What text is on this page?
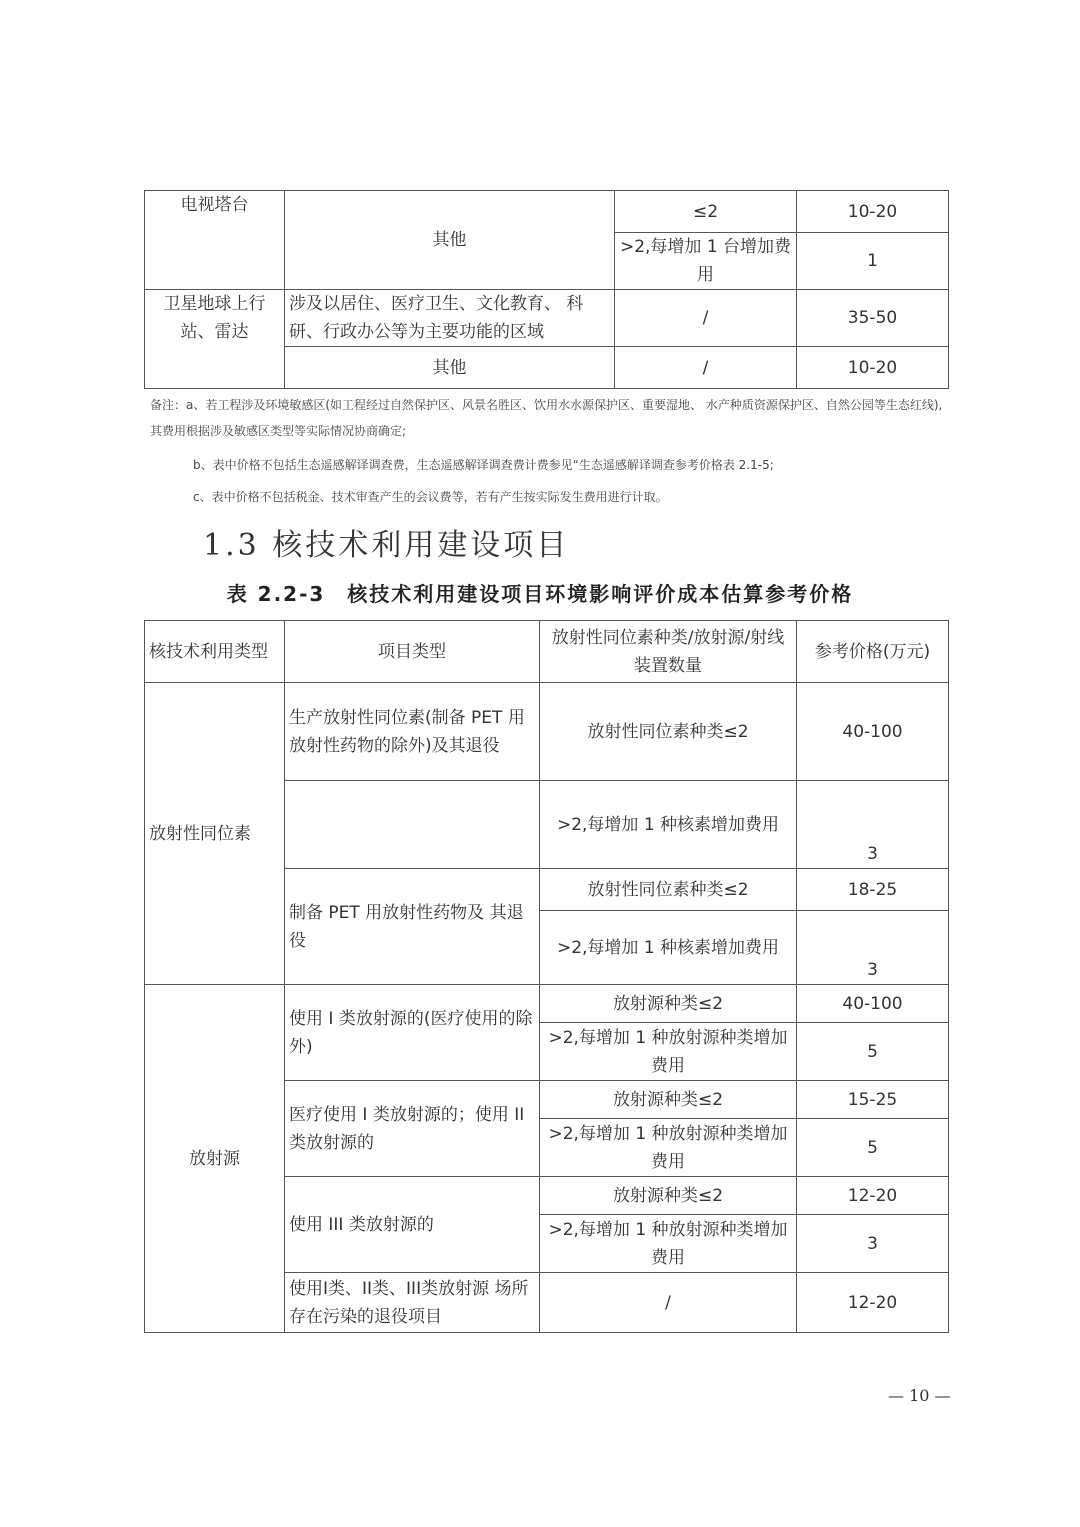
电视塔台	其他	≤2	10-20
		>2,每增加 1 台增加费用	1
卫星地球上行站、雷达	涉及以居住、医疗卫生、文化教育、 科研、行政办公等为主要功能的区域	/	35-50
	其他	/	10-20
备注：a、若工程涉及环境敏感区(如工程经过自然保护区、风景名胜区、饮用水水源保护区、重要湿地、 水产种质资源保护区、自然公园等生态红线),其费用根据涉及敏感区类型等实际情况协商确定;
b、表中价格不包括生态遥感解译调查费，生态遥感解译调查费计费参见“生态遥感解译调查参考价格表 2.1-5;
c、表中价格不包括税金、技术审查产生的会议费等，若有产生按实际发生费用进行计取。
1.3 核技术利用建设项目
表 2.2-3　核技术利用建设项目环境影响评价成本估算参考价格
核技术利用类型	项目类型	放射性同位素种类/放射源/射线装置数量	参考价格(万元)
放射性同位素	生产放射性同位素(制备 PET 用放射性药物的除外)及其退役	放射性同位素种类≤2	40-100
		>2,每增加 1 种核素增加费用	3
	制备 PET 用放射性药物及 其退役	放射性同位素种类≤2	18-25
		>2,每增加 1 种核素增加费用	3
放射源	使用 I 类放射源的(医疗使用的除外)	放射源种类≤2	40-100
		>2,每增加 1 种放射源种类增加费用	5
	医疗使用 I 类放射源的；使用 II 类放射源的	放射源种类≤2	15-25
		>2,每增加 1 种放射源种类增加费用	5
	使用 III 类放射源的	放射源种类≤2	12-20
		>2,每增加 1 种放射源种类增加费用	3
	使用I类、II类、III类放射源 场所存在污染的退役项目	/	12-20
— 10 —
